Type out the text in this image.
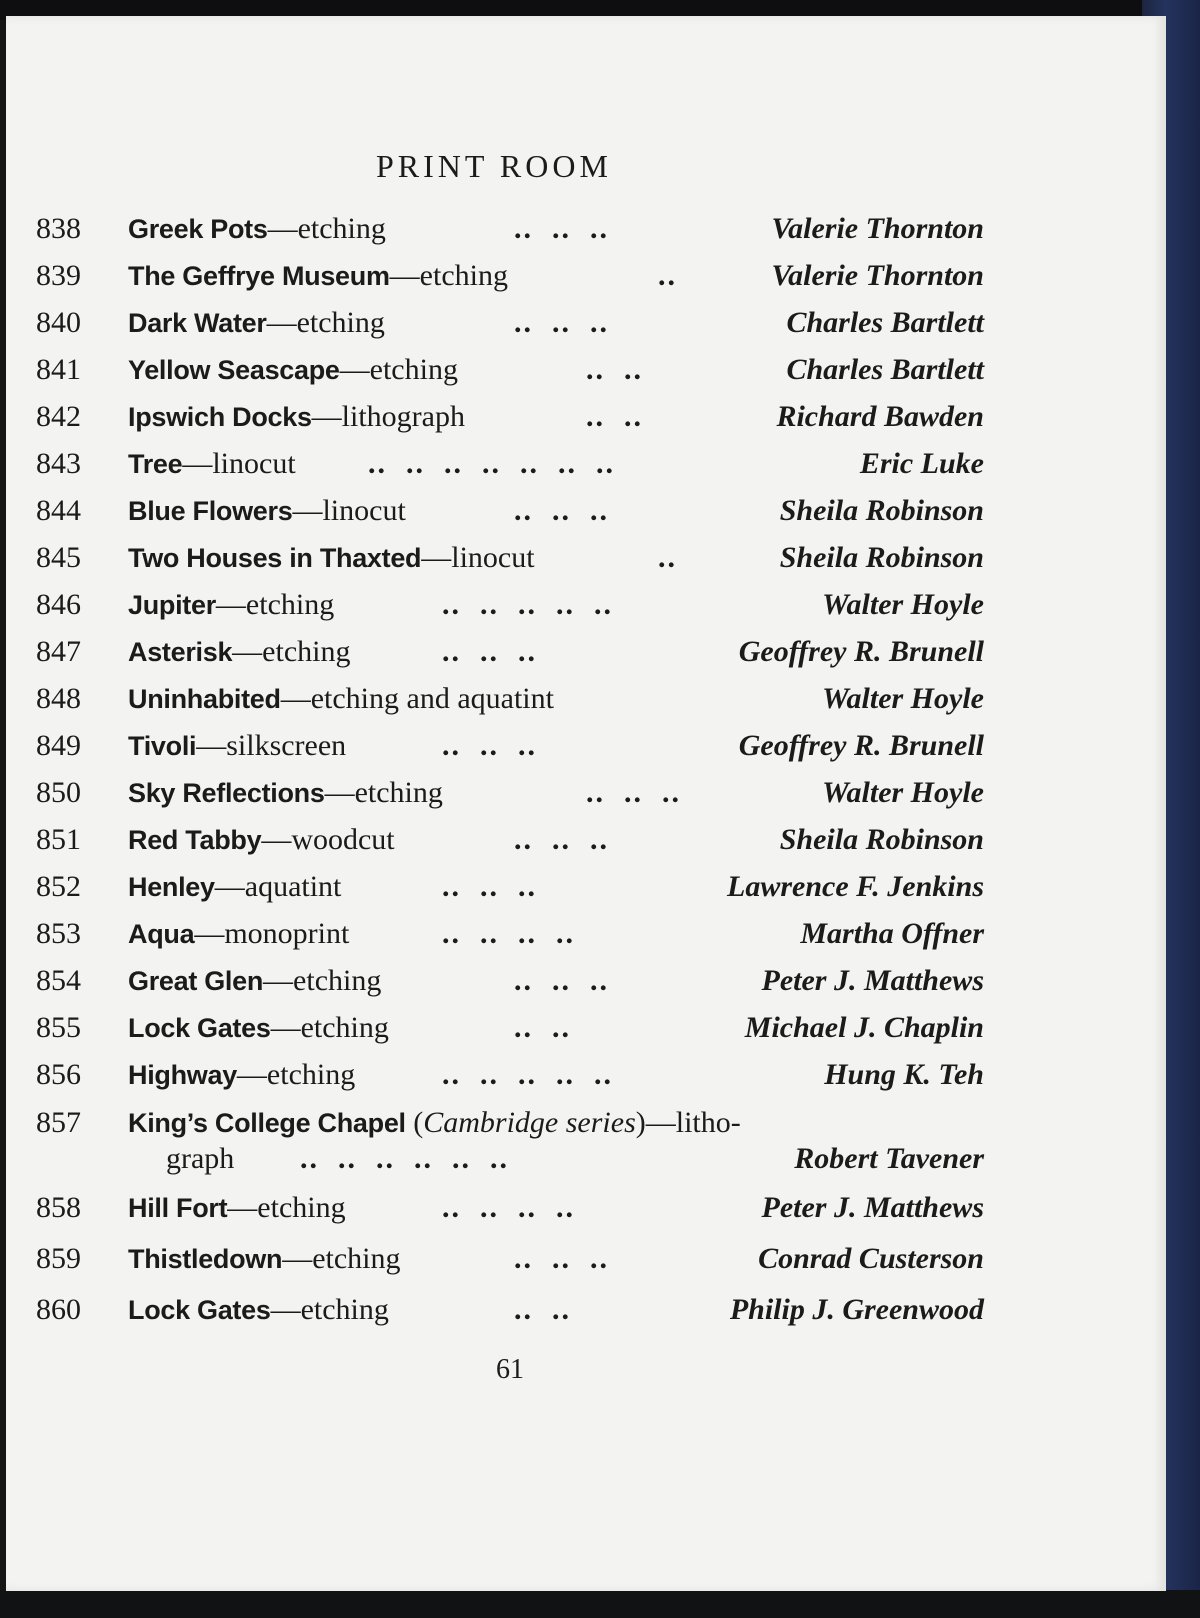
PRINT ROOM
838 Greek Pots—etching	..  ..  ..	Valerie Thornton
839 The Geffrye Museum—etching	..	Valerie Thornton
840 Dark Water—etching	..  ..  ..	Charles Bartlett
841 Yellow Seascape—etching	..  ..	Charles Bartlett
842 Ipswich Docks—lithograph	..  ..	Richard Bawden
843 Tree—linocut ..  ..  ..  ..  ..  ..  ..	Eric Luke
844 Blue Flowers—linocut	..  ..  ..	Sheila Robinson
845 Two Houses in Thaxted—linocut	..	Sheila Robinson
846 Jupiter—etching	..  ..  ..  ..  ..	Walter Hoyle
847 Asterisk—etching	..  ..  ..	Geoffrey R. Brunell
848 Uninhabited—etching and aquatint	Walter Hoyle
849 Tivoli—silkscreen	..  ..  ..	Geoffrey R. Brunell
850 Sky Reflections—etching	..  ..  ..	Walter Hoyle
851 Red Tabby—woodcut	..  ..  ..	Sheila Robinson
852 Henley—aquatint	..  ..  ..	Lawrence F. Jenkins
853 Aqua—monoprint	..  ..  ..  ..	Martha Offner
854 Great Glen—etching	..  ..  ..	Peter J. Matthews
855 Lock Gates—etching	..  ..	Michael J. Chaplin
856 Highway—etching	..  ..  ..  ..  ..	Hung K. Teh
857 King’s College Chapel (Cambridge series)—litho-
graph ..  ..  ..  ..  ..  ..	Robert Tavener
858 Hill Fort—etching	..  ..  ..  ..	Peter J. Matthews
859 Thistledown—etching	..  ..  ..	Conrad Custerson
860 Lock Gates—etching	..  ..	Philip J. Greenwood
61
